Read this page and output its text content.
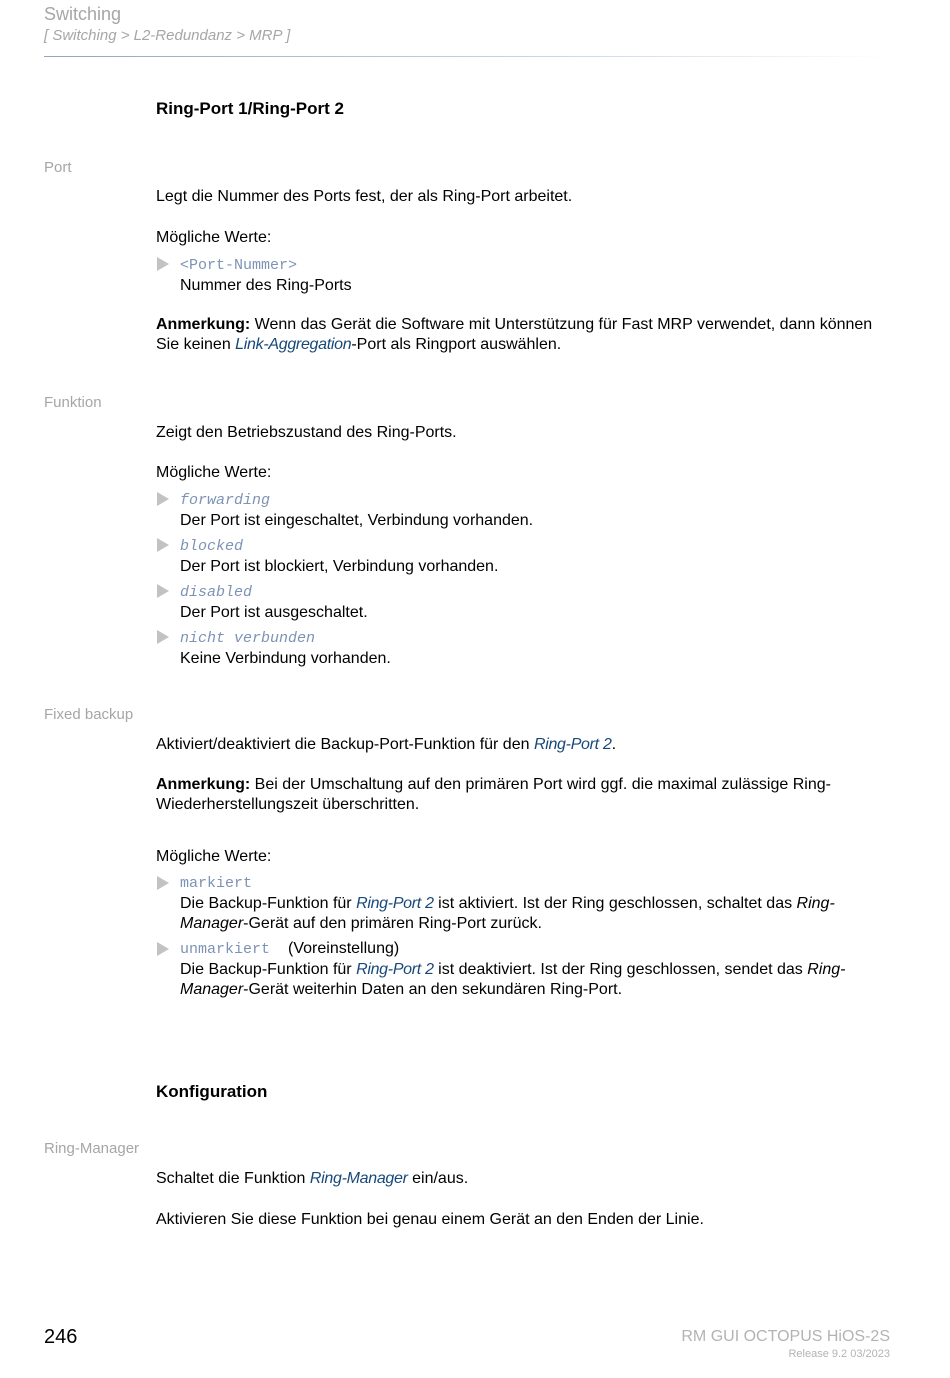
Switching
[ Switching > L2-Redundanz > MRP ]
Ring-Port 1/Ring-Port 2
Port
Legt die Nummer des Ports fest, der als Ring-Port arbeitet.
Mögliche Werte:
<Port-Nummer>
Nummer des Ring-Ports
Anmerkung: Wenn das Gerät die Software mit Unterstützung für Fast MRP verwendet, dann können Sie keinen Link-Aggregation-Port als Ringport auswählen.
Funktion
Zeigt den Betriebszustand des Ring-Ports.
Mögliche Werte:
forwarding
Der Port ist eingeschaltet, Verbindung vorhanden.
blocked
Der Port ist blockiert, Verbindung vorhanden.
disabled
Der Port ist ausgeschaltet.
nicht verbunden
Keine Verbindung vorhanden.
Fixed backup
Aktiviert/deaktiviert die Backup-Port-Funktion für den Ring-Port 2.
Anmerkung: Bei der Umschaltung auf den primären Port wird ggf. die maximal zulässige Ring-Wiederherstellungszeit überschritten.
Mögliche Werte:
markiert
Die Backup-Funktion für Ring-Port 2 ist aktiviert. Ist der Ring geschlossen, schaltet das Ring-Manager-Gerät auf den primären Ring-Port zurück.
unmarkiert (Voreinstellung)
Die Backup-Funktion für Ring-Port 2 ist deaktiviert. Ist der Ring geschlossen, sendet das Ring-Manager-Gerät weiterhin Daten an den sekundären Ring-Port.
Konfiguration
Ring-Manager
Schaltet die Funktion Ring-Manager ein/aus.
Aktivieren Sie diese Funktion bei genau einem Gerät an den Enden der Linie.
246	RM GUI OCTOPUS HiOS-2S
Release 9.2 03/2023
